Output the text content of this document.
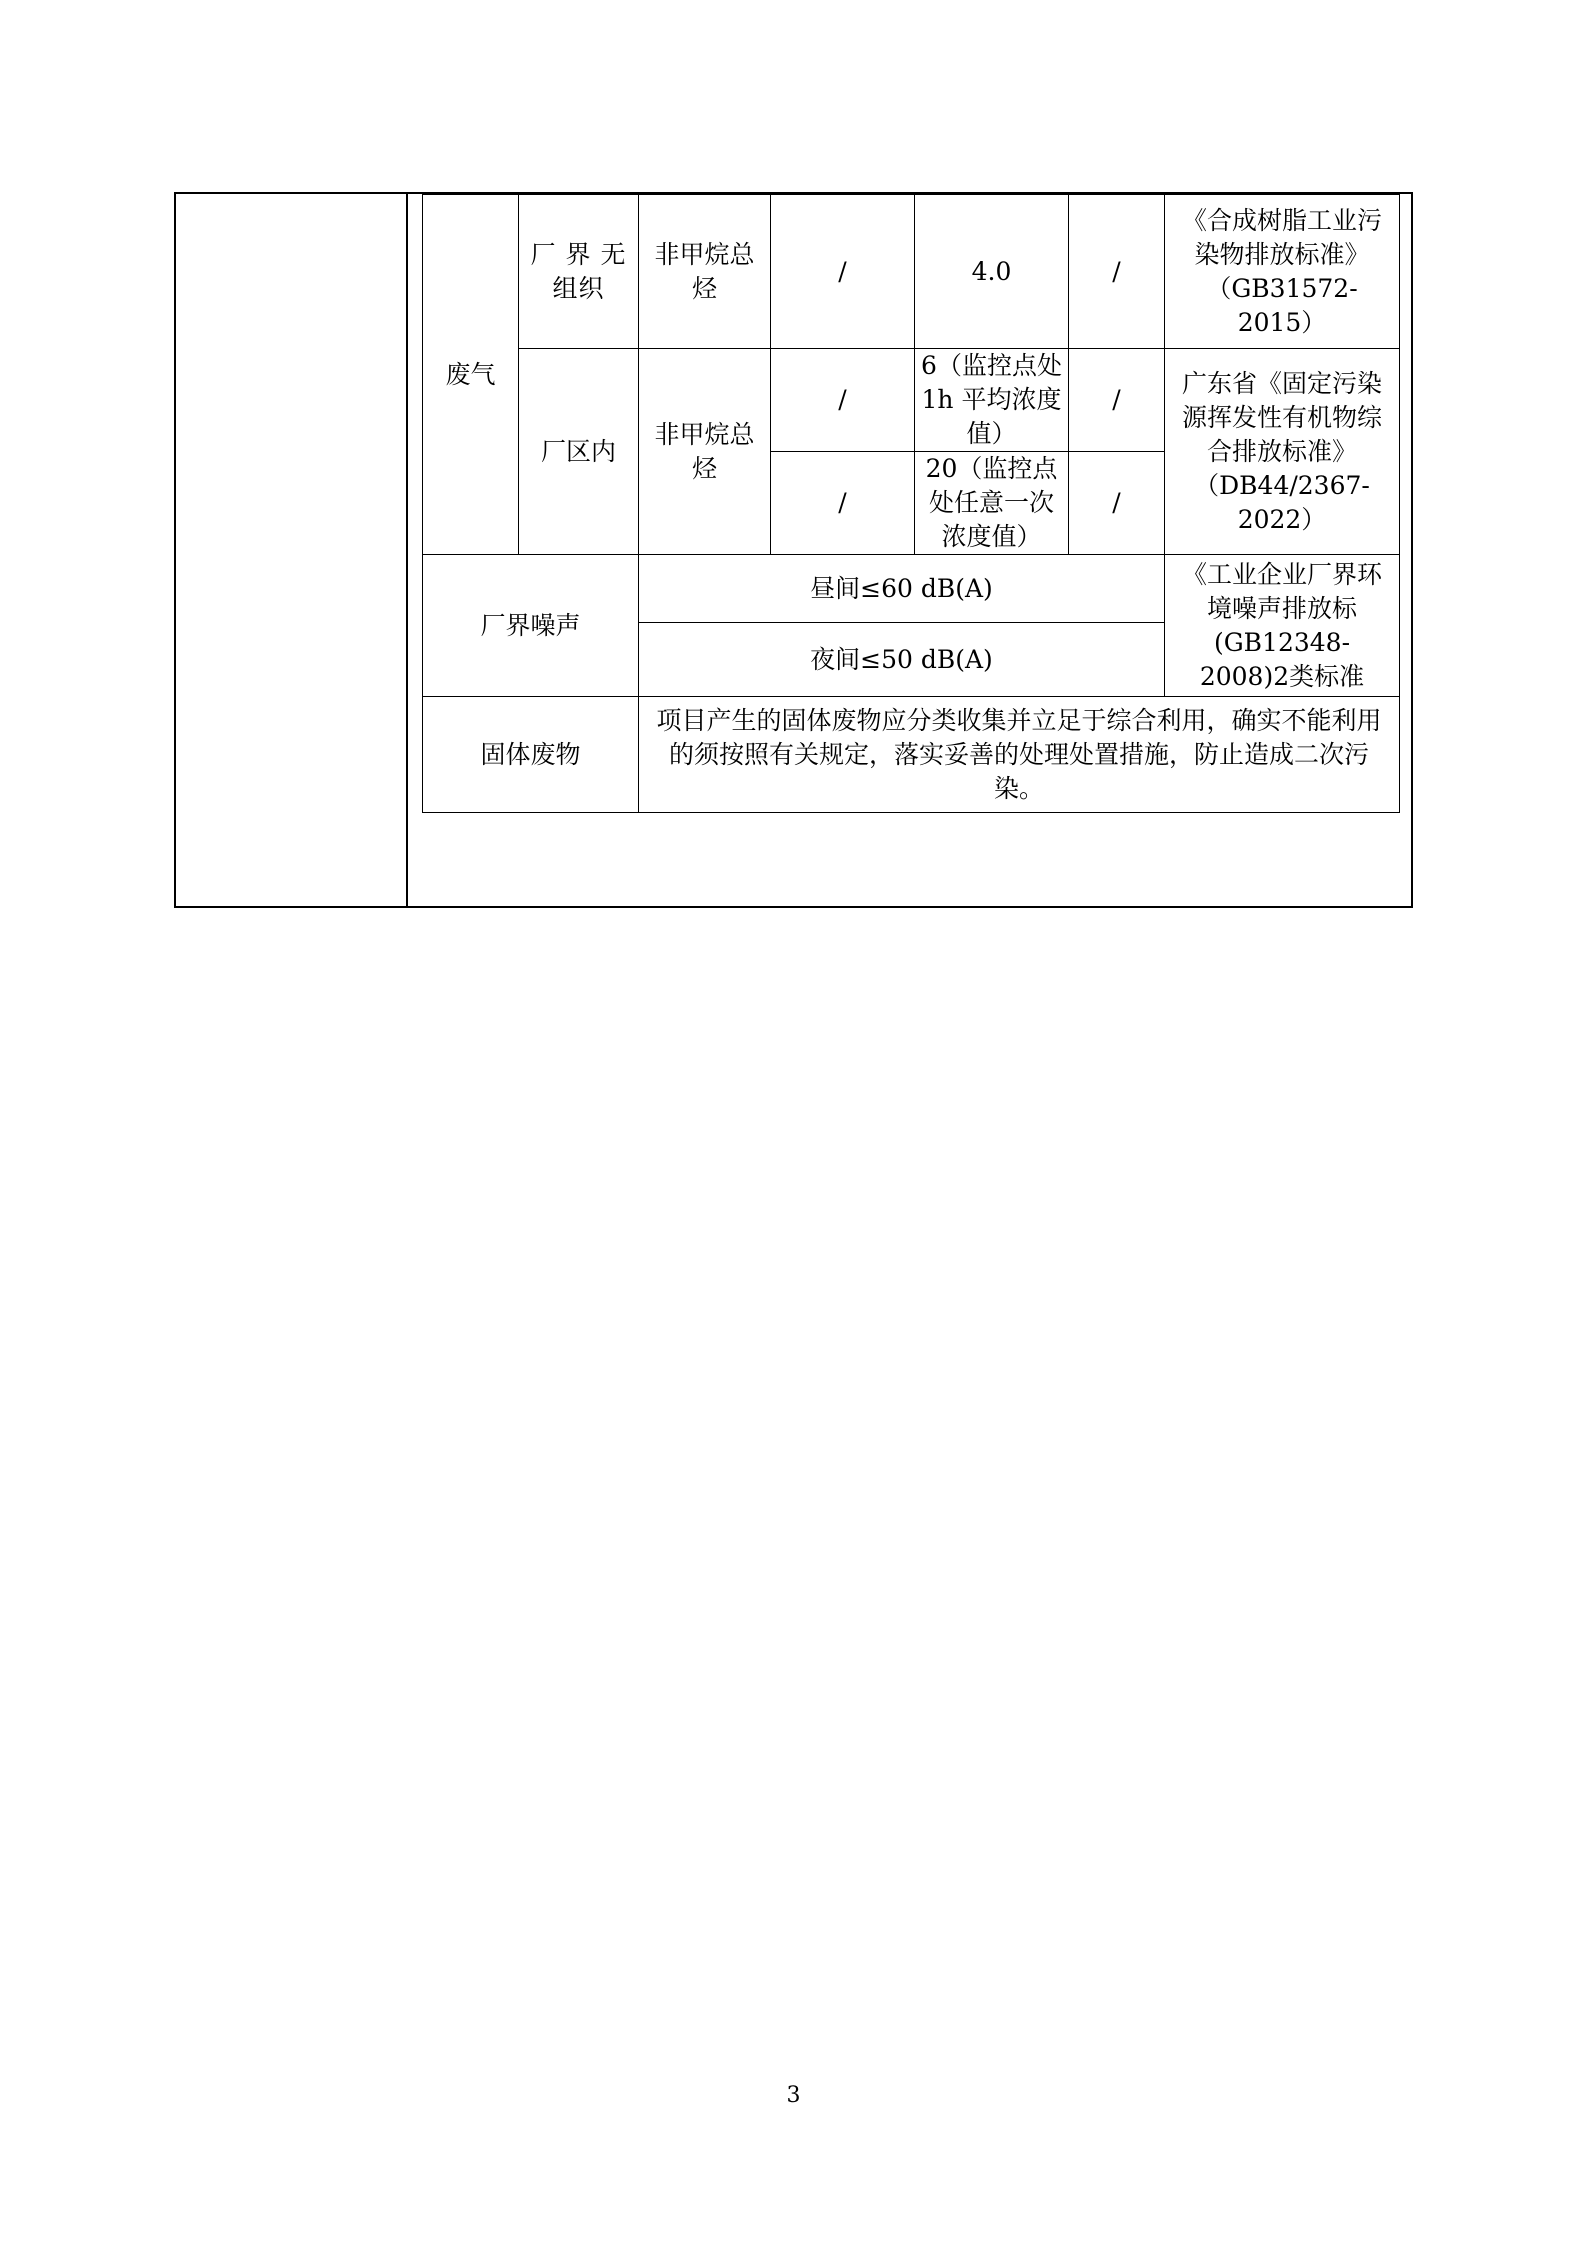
废气	厂 界 无组织	非甲烷总烃	/	4.0	/	《合成树脂工业污染物排放标准》（GB31572-2015）
	厂区内	非甲烷总烃	/	6（监控点处1h 平均浓度值）	/	广东省《固定污染源挥发性有机物综合排放标准》（DB44/2367-2022）
			/	20（监控点处任意一次浓度值）	/	
厂界噪声		昼间≤60 dB(A)				《工业企业厂界环境噪声排放标(GB12348-2008)2类标准
		夜间≤50 dB(A)				
固体废物		项目产生的固体废物应分类收集并立足于综合利用，确实不能利用的须按照有关规定，落实妥善的处理处置措施，防止造成二次污染。				
3
